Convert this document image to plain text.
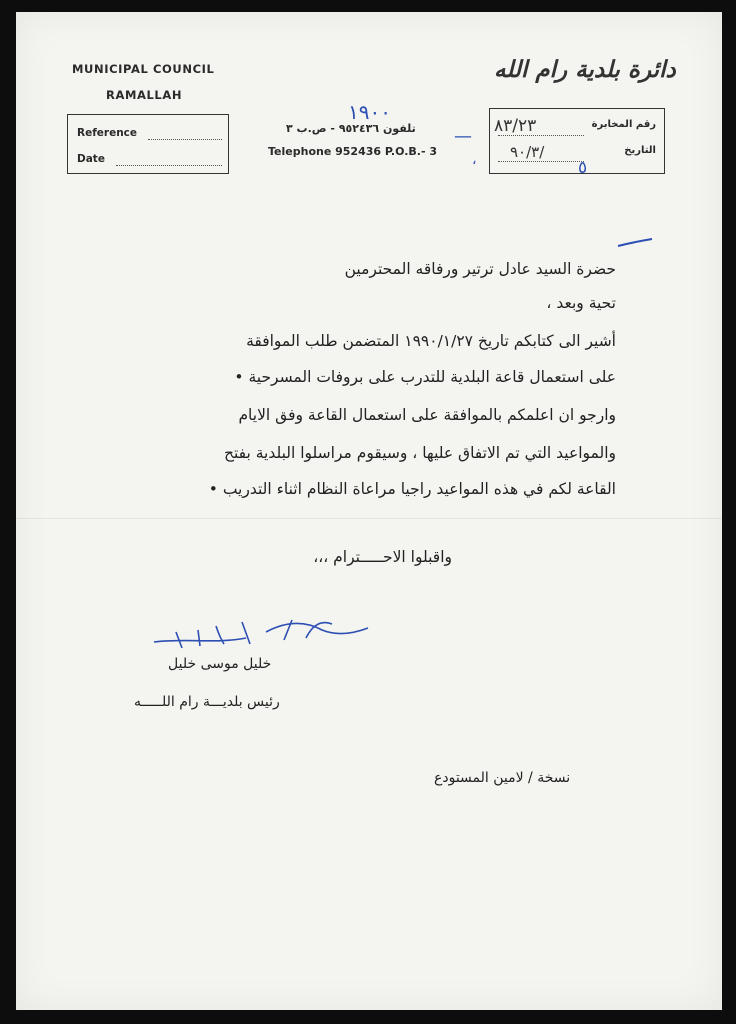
MUNICIPAL COUNCIL
RAMALLAH
Reference
Date
دائرة بلدية رام الله
تلفون ٩٥٢٤٣٦ - ص.ب ٣
Telephone 952436 P.O.B.- 3
١٩٠٠
—
،
رقم المخابرة
التاريخ
٨٣/٢٣
٩٠/٣/
٥
حضرة السيد عادل ترتير ورفاقه المحترمين
تحية وبعد ،
أشير الى كتابكم تاريخ ١٩٩٠/١/٢٧ المتضمن طلب الموافقة
على استعمال قاعة البلدية للتدرب على بروفات المسرحية •
وارجو ان اعلمكم بالموافقة على استعمال القاعة وفق الايام
والمواعيد التي تم الاتفاق عليها ، وسيقوم مراسلوا البلدية بفتح
القاعة لكم في هذه المواعيد راجيا مراعاة النظام اثناء التدريب •
واقبلوا الاحـــــترام ،،،
خليل موسى خليل
رئيس بلديـــة رام اللـــــه
نسخة / لامين المستودع
